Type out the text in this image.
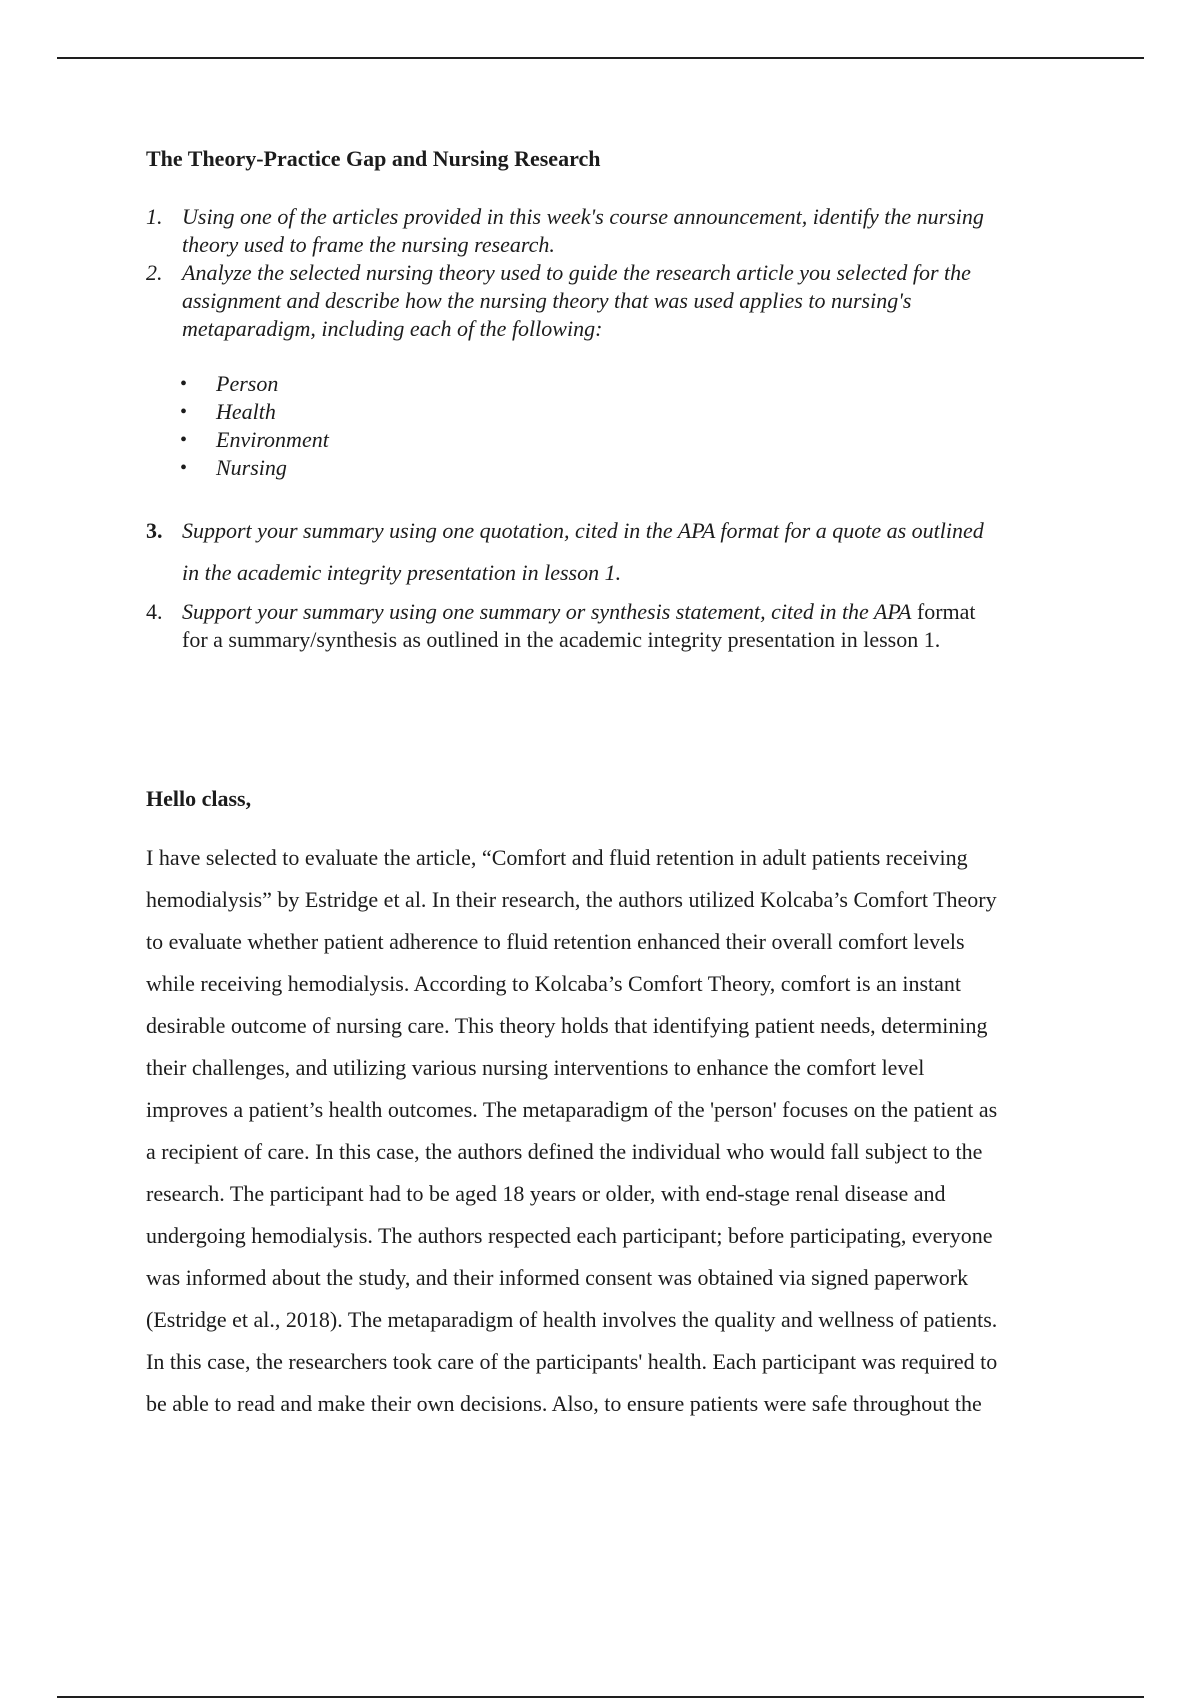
The Theory-Practice Gap and Nursing Research
1. Using one of the articles provided in this week's course announcement, identify the nursing
theory used to frame the nursing research.
2. Analyze the selected nursing theory used to guide the research article you selected for the
assignment and describe how the nursing theory that was used applies to nursing's
metaparadigm, including each of the following:
•	Person
•	Health
•	Environment
•	Nursing
3. Support your summary using one quotation, cited in the APA format for a quote as outlined
in the academic integrity presentation in lesson 1.
4. Support your summary using one summary or synthesis statement, cited in the APA format
for a summary/synthesis as outlined in the academic integrity presentation in lesson 1.

Hello class,

I have selected to evaluate the article, “Comfort and fluid retention in adult patients receiving
hemodialysis” by Estridge et al. In their research, the authors utilized Kolcaba’s Comfort Theory
to evaluate whether patient adherence to fluid retention enhanced their overall comfort levels
while receiving hemodialysis. According to Kolcaba’s Comfort Theory, comfort is an instant
desirable outcome of nursing care. This theory holds that identifying patient needs, determining
their challenges, and utilizing various nursing interventions to enhance the comfort level
improves a patient’s health outcomes. The metaparadigm of the 'person' focuses on the patient as
a recipient of care. In this case, the authors defined the individual who would fall subject to the
research. The participant had to be aged 18 years or older, with end-stage renal disease and
undergoing hemodialysis. The authors respected each participant; before participating, everyone
was informed about the study, and their informed consent was obtained via signed paperwork
(Estridge et al., 2018). The metaparadigm of health involves the quality and wellness of patients.
In this case, the researchers took care of the participants' health. Each participant was required to
be able to read and make their own decisions. Also, to ensure patients were safe throughout the
